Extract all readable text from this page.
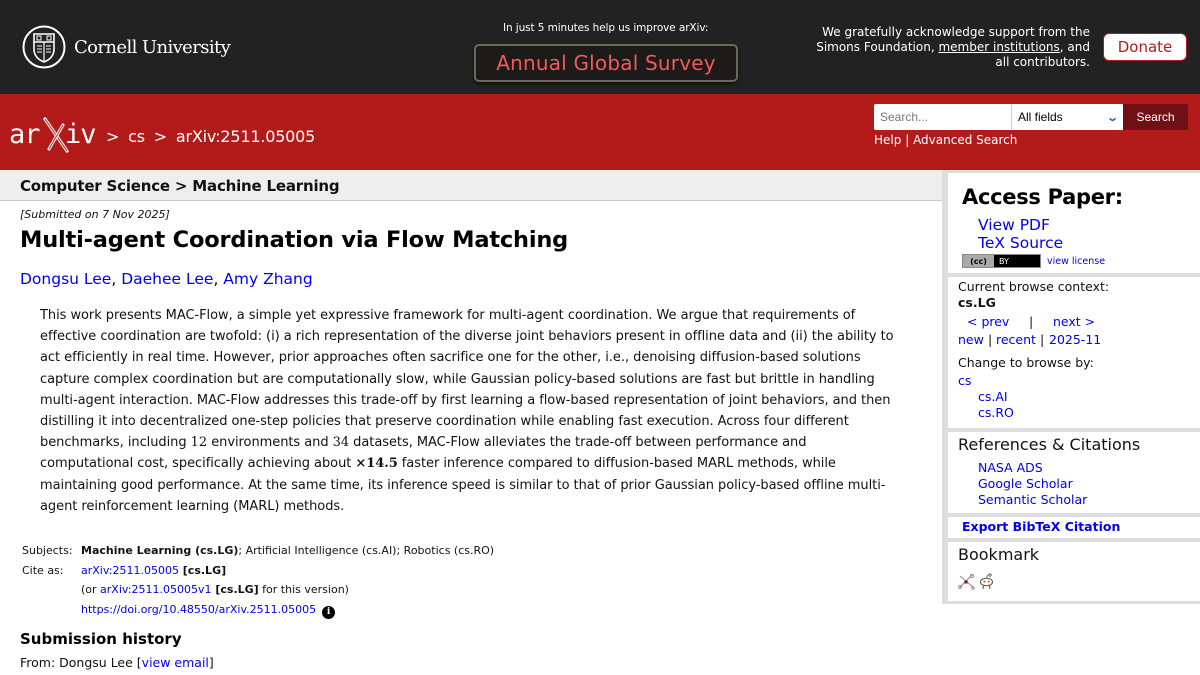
Cornell University
In just 5 minutes help us improve arXiv:
Annual Global Survey
We gratefully acknowledge support from the
Simons Foundation, member institutions, and
all contributors.
Donate
ar iv > cs > arXiv:2511.05005
Search...	All fields	⌄	Search
Help | Advanced Search
Computer Science > Machine Learning
[Submitted on 7 Nov 2025]
Multi-agent Coordination via Flow Matching
Dongsu Lee, Daehee Lee, Amy Zhang
This work presents MAC-Flow, a simple yet expressive framework for multi-agent coordination. We argue that requirements of effective coordination are twofold: (i) a rich representation of the diverse joint behaviors present in offline data and (ii) the ability to act efficiently in real time. However, prior approaches often sacrifice one for the other, i.e., denoising diffusion-based solutions capture complex coordination but are computationally slow, while Gaussian policy-based solutions are fast but brittle in handling multi-agent interaction. MAC-Flow addresses this trade-off by first learning a flow-based representation of joint behaviors, and then distilling it into decentralized one-step policies that preserve coordination while enabling fast execution. Across four different benchmarks, including 12 environments and 34 datasets, MAC-Flow alleviates the trade-off between performance and computational cost, specifically achieving about ×14.5 faster inference compared to diffusion-based MARL methods, while maintaining good performance. At the same time, its inference speed is similar to that of prior Gaussian policy-based offline multi-agent reinforcement learning (MARL) methods.
Subjects: Machine Learning (cs.LG); Artificial Intelligence (cs.AI); Robotics (cs.RO)
Cite as:	arXiv:2511.05005 [cs.LG]
(or arXiv:2511.05005v1 [cs.LG] for this version)
https://doi.org/10.48550/arXiv.2511.05005 i
Submission history
From: Dongsu Lee [view email]
Access Paper:
View PDF
TeX Source
(cc)	BY	view license
Current browse context:
cs.LG
< prev | next >
new | recent | 2025-11
Change to browse by:
cs
cs.AI
cs.RO
References & Citations
NASA ADS
Google Scholar
Semantic Scholar
Export BibTeX Citation
Bookmark
